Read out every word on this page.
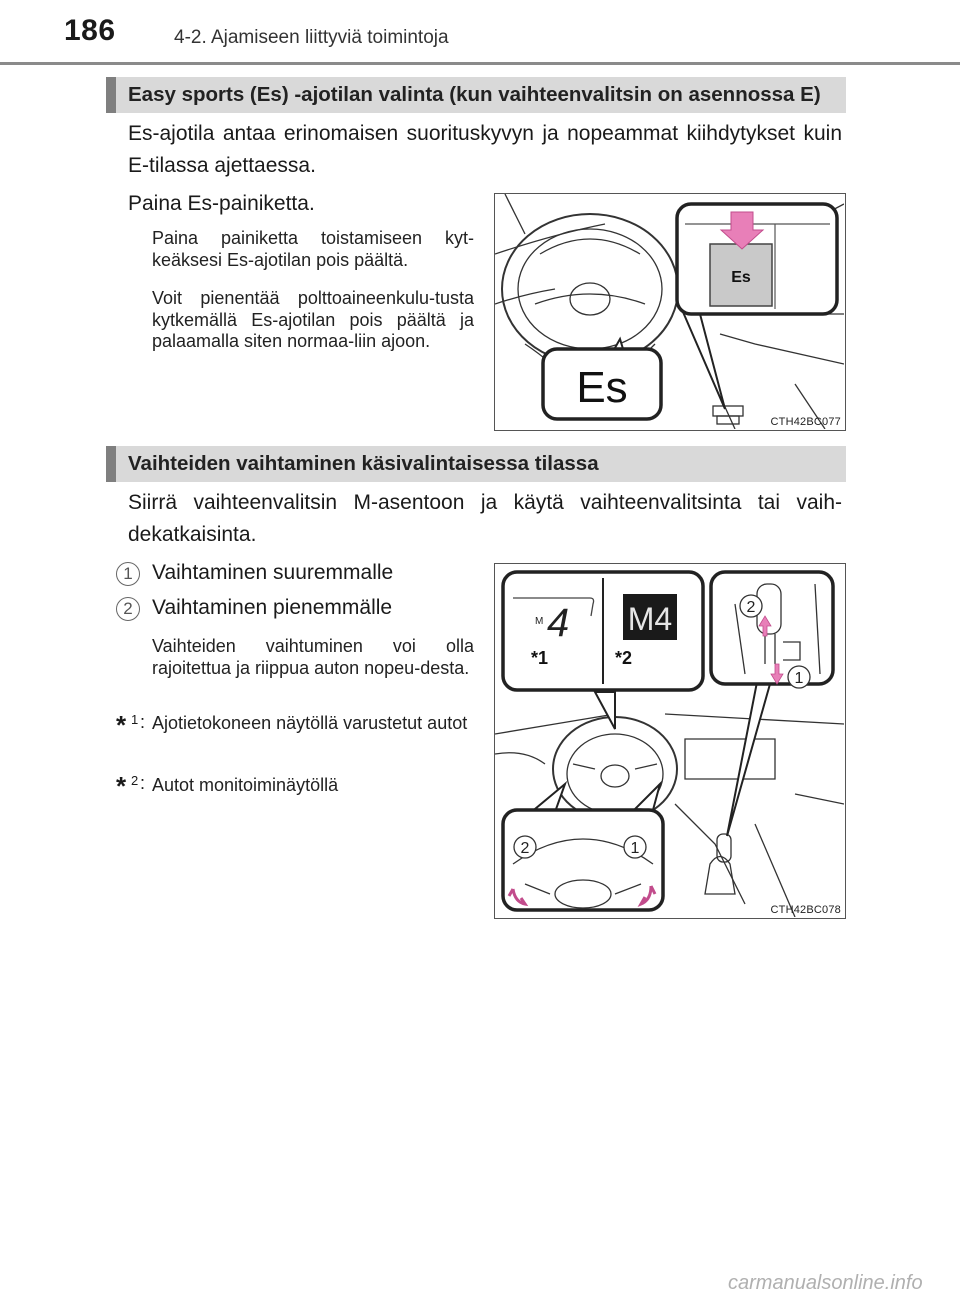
186	4-2. Ajamiseen liittyviä toimintoja
Easy sports (Es) -ajotilan valinta (kun vaihteenvalitsin on asennossa E)
Es-ajotila antaa erinomaisen suorituskyvyn ja nopeammat kiihdytykset kuin E-tilassa ajettaessa.
Paina Es-painiketta.
Paina painiketta toistamiseen kyt-keäksesi Es-ajotilan pois päältä.
Voit pienentää polttoaineenkulu-tusta kytkemällä Es-ajotilan pois päältä ja palaamalla siten normaa-liin ajoon.
Es
Es
CTH42BC077
Vaihteiden vaihtaminen käsivalintaisessa tilassa
Siirrä vaihteenvalitsin M-asentoon ja käytä vaihteenvalitsinta tai vaih-dekatkaisinta.
1 Vaihtaminen suuremmalle
2 Vaihtaminen pienemmälle
Vaihteiden vaihtuminen voi olla rajoitettua ja riippua auton nopeu-desta.
* 1 : Ajotietokoneen näytöllä varustetut autot
* 2 : Autot monitoiminäytöllä
M 4 M4
*1	*2
2
1
2	1
CTH42BC078
carmanualsonline.info
